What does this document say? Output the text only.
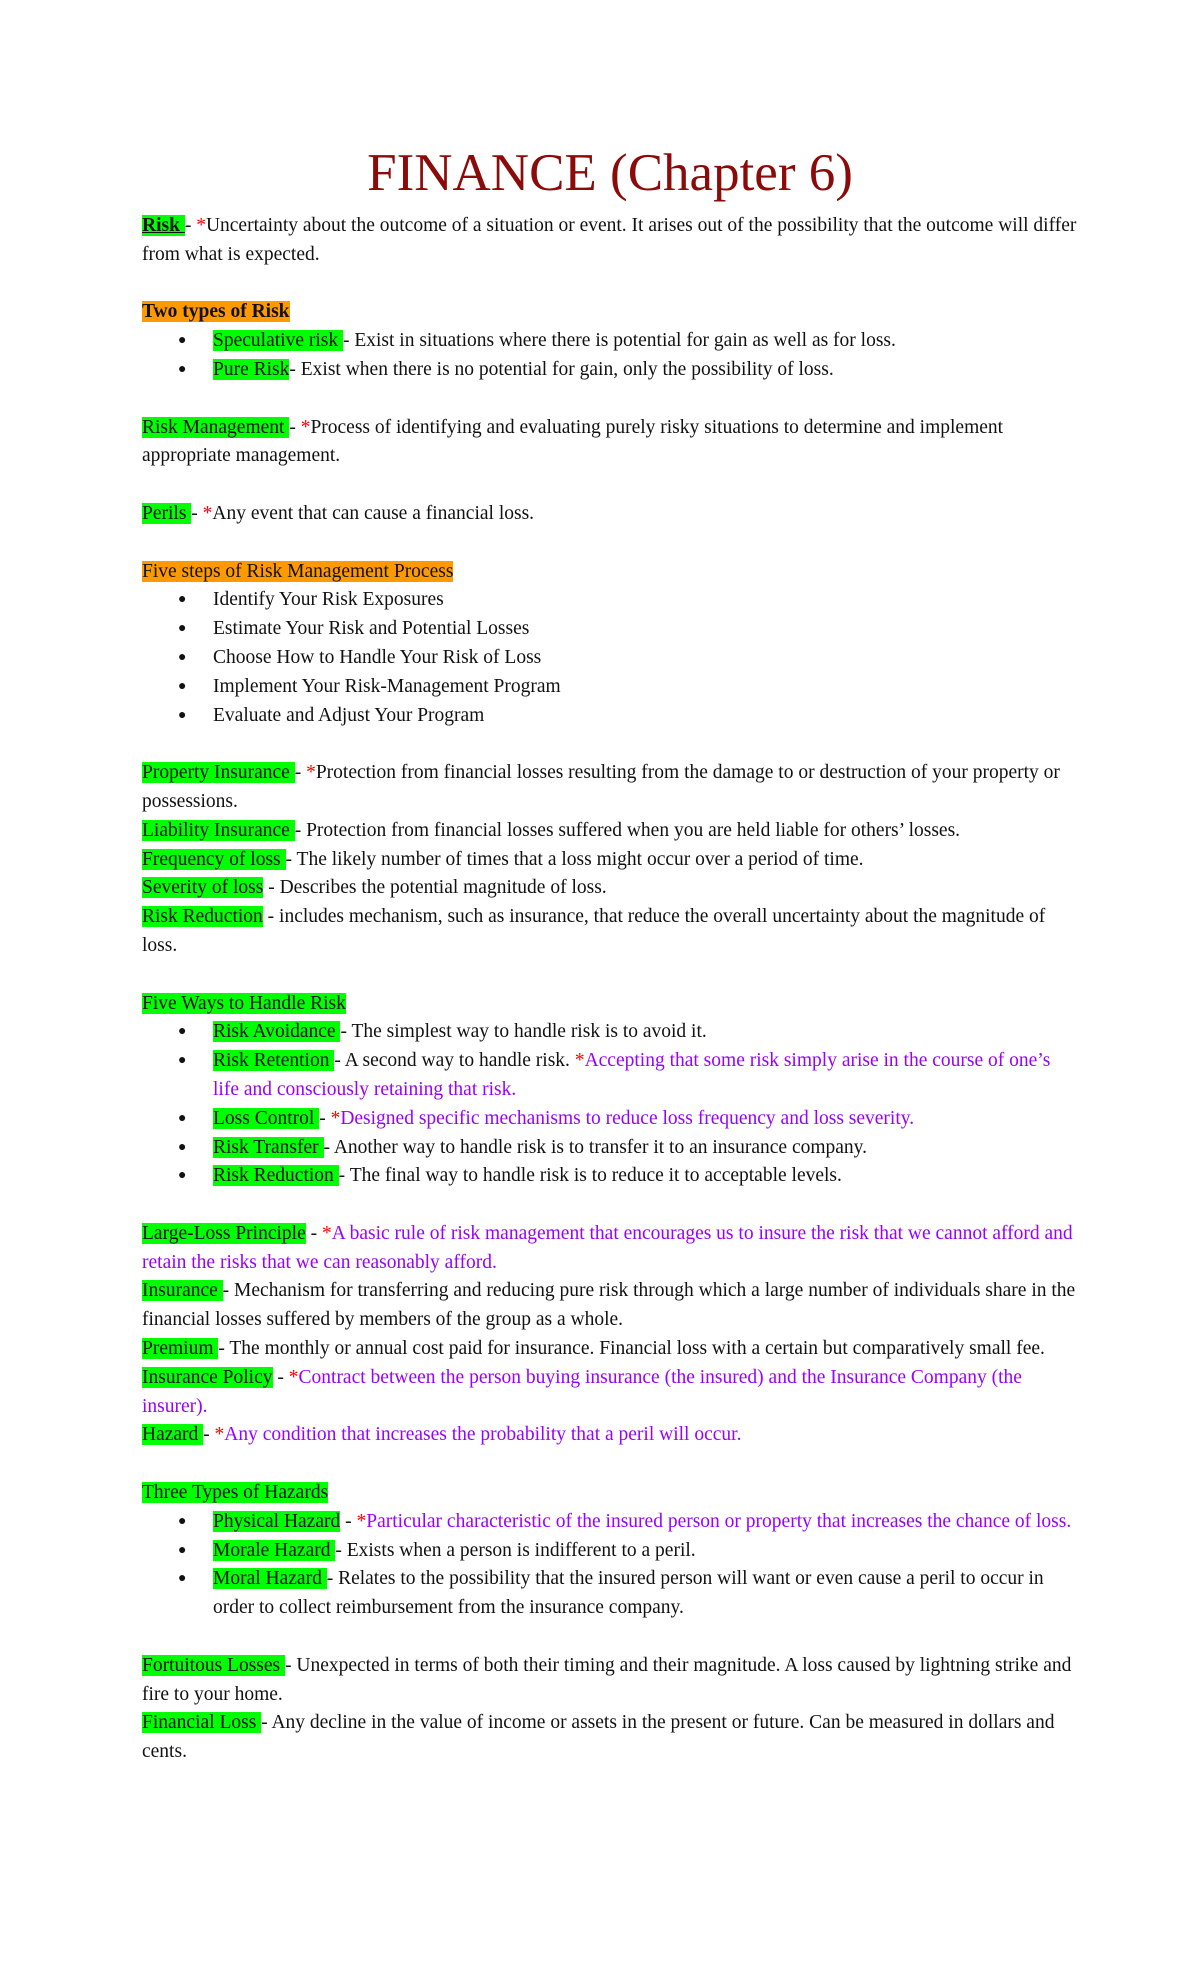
FINANCE (Chapter 6)

Risk - *Uncertainty about the outcome of a situation or event. It arises out of the possibility that the outcome will differ from what is expected.

Two types of Risk

● Speculative risk - Exist in situations where there is potential for gain as well as for loss.
● Pure Risk- Exist when there is no potential for gain, only the possibility of loss.

Risk Management - *Process of identifying and evaluating purely risky situations to determine and implement appropriate management.

Perils - *Any event that can cause a financial loss.

Five steps of Risk Management Process

● Identify Your Risk Exposures
● Estimate Your Risk and Potential Losses
● Choose How to Handle Your Risk of Loss
● Implement Your Risk-Management Program
● Evaluate and Adjust Your Program

Property Insurance - *Protection from financial losses resulting from the damage to or destruction of your property or possessions.

Liability Insurance - Protection from financial losses suffered when you are held liable for others’ losses.

Frequency of loss - The likely number of times that a loss might occur over a period of time.

Severity of loss - Describes the potential magnitude of loss.

Risk Reduction - includes mechanism, such as insurance, that reduce the overall uncertainty about the magnitude of loss.

Five Ways to Handle Risk

● Risk Avoidance - The simplest way to handle risk is to avoid it.
● Risk Retention - A second way to handle risk. *Accepting that some risk simply arise in the course of one’s life and consciously retaining that risk.
● Loss Control - *Designed specific mechanisms to reduce loss frequency and loss severity.
● Risk Transfer - Another way to handle risk is to transfer it to an insurance company.
● Risk Reduction - The final way to handle risk is to reduce it to acceptable levels.

Large-Loss Principle - *A basic rule of risk management that encourages us to insure the risk that we cannot afford and retain the risks that we can reasonably afford.

Insurance - Mechanism for transferring and reducing pure risk through which a large number of individuals share in the financial losses suffered by members of the group as a whole.

Premium - The monthly or annual cost paid for insurance. Financial loss with a certain but comparatively small fee.

Insurance Policy - *Contract between the person buying insurance (the insured) and the Insurance Company (the insurer).

Hazard - *Any condition that increases the probability that a peril will occur.

Three Types of Hazards

● Physical Hazard - *Particular characteristic of the insured person or property that increases the chance of loss.
● Morale Hazard - Exists when a person is indifferent to a peril.
● Moral Hazard - Relates to the possibility that the insured person will want or even cause a peril to occur in order to collect reimbursement from the insurance company.

Fortuitous Losses - Unexpected in terms of both their timing and their magnitude. A loss caused by lightning strike and fire to your home.

Financial Loss - Any decline in the value of income or assets in the present or future. Can be measured in dollars and cents.
